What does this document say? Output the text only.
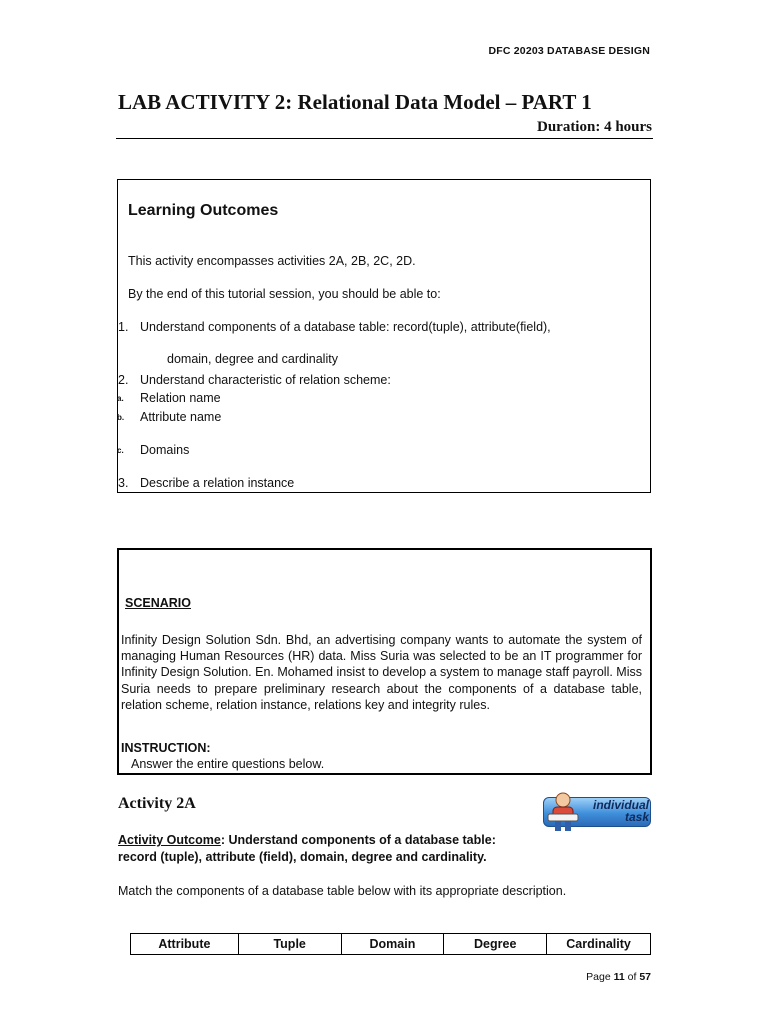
DFC 20203 DATABASE DESIGN
LAB ACTIVITY 2: Relational Data Model – PART 1
Duration: 4 hours
Learning Outcomes
This activity encompasses activities 2A, 2B, 2C, 2D.
By the end of this tutorial session, you should be able to:
1. Understand components of a database table: record(tuple), attribute(field),
domain, degree and cardinality
2. Understand characteristic of relation scheme:
a. Relation name
b. Attribute name
c. Domains
3. Describe a relation instance
SCENARIO
Infinity Design Solution Sdn. Bhd, an advertising company wants to automate the system of managing Human Resources (HR) data. Miss Suria was selected to be an IT programmer for Infinity Design Solution. En. Mohamed insist to develop a system to manage staff payroll. Miss Suria needs to prepare preliminary research about the components of a database table, relation scheme, relation instance, relations key and integrity rules.
INSTRUCTION:
Answer the entire questions below.
Activity 2A	individual
task
Activity Outcome: Understand components of a database table:
record (tuple), attribute (field), domain, degree and cardinality.
Match the components of a database table below with its appropriate description.
Attribute	Tuple	Domain	Degree	Cardinality
Page 11 of 57
